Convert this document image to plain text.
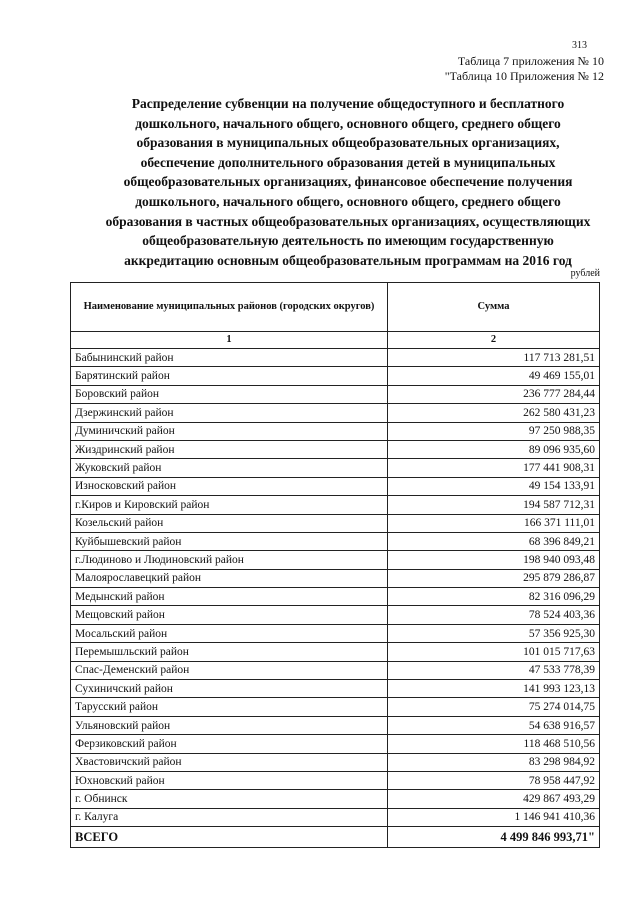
313
Таблица 7 приложения № 10
"Таблица 10 Приложения № 12
Распределение субвенции на получение общедоступного и бесплатного
дошкольного, начального общего, основного общего, среднего общего
образования в муниципальных общеобразовательных организациях,
обеспечение дополнительного образования детей в муниципальных
общеобразовательных организациях, финансовое обеспечение получения
дошкольного, начального общего, основного общего, среднего общего
образования в частных общеобразовательных организациях, осуществляющих
общеобразовательную деятельность по имеющим государственную
аккредитацию основным общеобразовательным программам на 2016 год
рублей
Наименование муниципальных районов (городских округов)	Сумма
1	2
Бабынинский район	117 713 281,51
Барятинский район	49 469 155,01
Боровский район	236 777 284,44
Дзержинский район	262 580 431,23
Думиничский район	97 250 988,35
Жиздринский район	89 096 935,60
Жуковский район	177 441 908,31
Износковский район	49 154 133,91
г.Киров и Кировский район	194 587 712,31
Козельский район	166 371 111,01
Куйбышевский район	68 396 849,21
г.Людиново и Людиновский район	198 940 093,48
Малоярославецкий район	295 879 286,87
Медынский район	82 316 096,29
Мещовский район	78 524 403,36
Мосальский район	57 356 925,30
Перемышльский район	101 015 717,63
Спас-Деменский район	47 533 778,39
Сухиничский район	141 993 123,13
Тарусский район	75 274 014,75
Ульяновский район	54 638 916,57
Ферзиковский район	118 468 510,56
Хвастовичский район	83 298 984,92
Юхновский район	78 958 447,92
г. Обнинск	429 867 493,29
г. Калуга	1 146 941 410,36
ВСЕГО	4 499 846 993,71"
